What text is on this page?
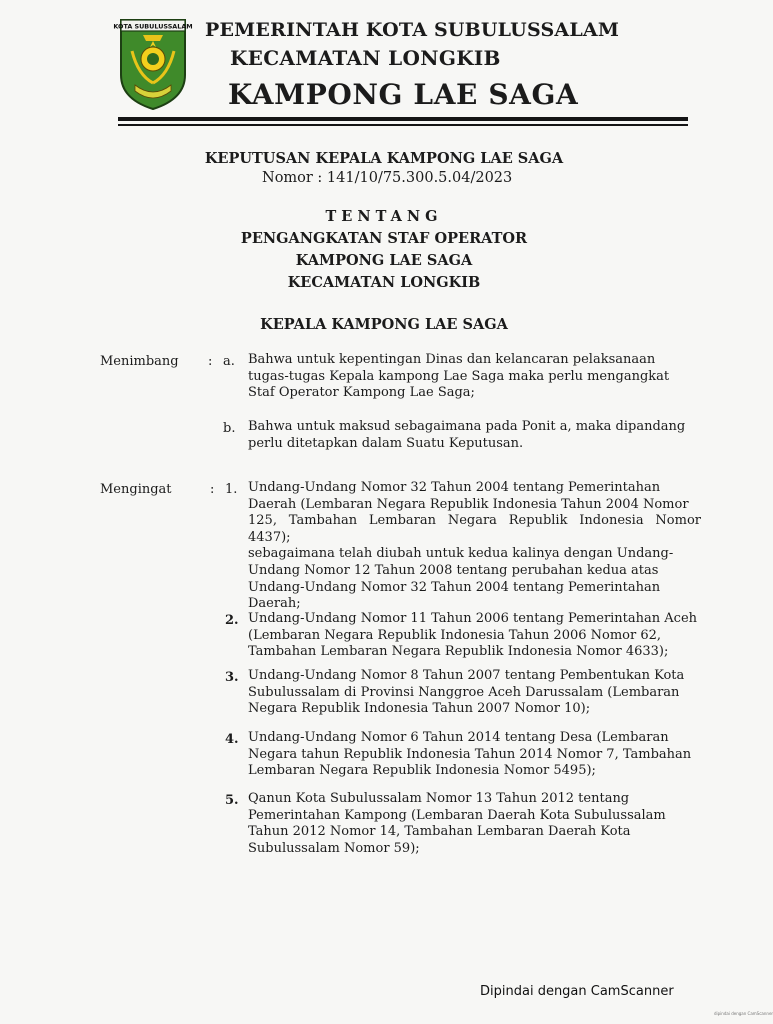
KOTA SUBULUSSALAM PEMERINTAH KOTA SUBULUSSALAM
KECAMATAN LONGKIB
KAMPONG LAE SAGA
KEPUTUSAN KEPALA KAMPONG LAE SAGA
Nomor : 141/10/75.300.5.04/2023
TENTANG
PENGANGKATAN STAF OPERATOR
KAMPONG LAE SAGA
KECAMATAN LONGKIB
KEPALA KAMPONG LAE SAGA
Menimbang : a. Bahwa untuk kepentingan Dinas dan kelancaran pelaksanaan
tugas-tugas Kepala kampong Lae Saga maka perlu mengangkat
Staf Operator Kampong Lae Saga;
b. Bahwa untuk maksud sebagaimana pada Ponit a, maka dipandang
perlu ditetapkan dalam Suatu Keputusan.
Mengingat	: 1. Undang-Undang Nomor 32 Tahun 2004 tentang Pemerintahan
Daerah (Lembaran Negara Republik Indonesia Tahun 2004 Nomor
125, Tambahan Lembaran Negara Republik Indonesia Nomor 4437);
sebagaimana telah diubah untuk kedua kalinya dengan Undang-
Undang Nomor 12 Tahun 2008 tentang perubahan kedua atas
Undang-Undang Nomor 32 Tahun 2004 tentang Pemerintahan
Daerah;
2. Undang-Undang Nomor 11 Tahun 2006 tentang Pemerintahan Aceh
(Lembaran Negara Republik Indonesia Tahun 2006 Nomor 62,
Tambahan Lembaran Negara Republik Indonesia Nomor 4633);
3. Undang-Undang Nomor 8 Tahun 2007 tentang Pembentukan Kota
Subulussalam di Provinsi Nanggroe Aceh Darussalam (Lembaran
Negara Republik Indonesia Tahun 2007 Nomor 10);
4. Undang-Undang Nomor 6 Tahun 2014 tentang Desa (Lembaran
Negara tahun Republik Indonesia Tahun 2014 Nomor 7, Tambahan
Lembaran Negara Republik Indonesia Nomor 5495);
5. Qanun Kota Subulussalam Nomor 13 Tahun 2012 tentang
Pemerintahan Kampong (Lembaran Daerah Kota Subulussalam
Tahun 2012 Nomor 14, Tambahan Lembaran Daerah Kota
Subulussalam Nomor 59);
Dipindai dengan CamScanner
dipindai dengan CamScanner
